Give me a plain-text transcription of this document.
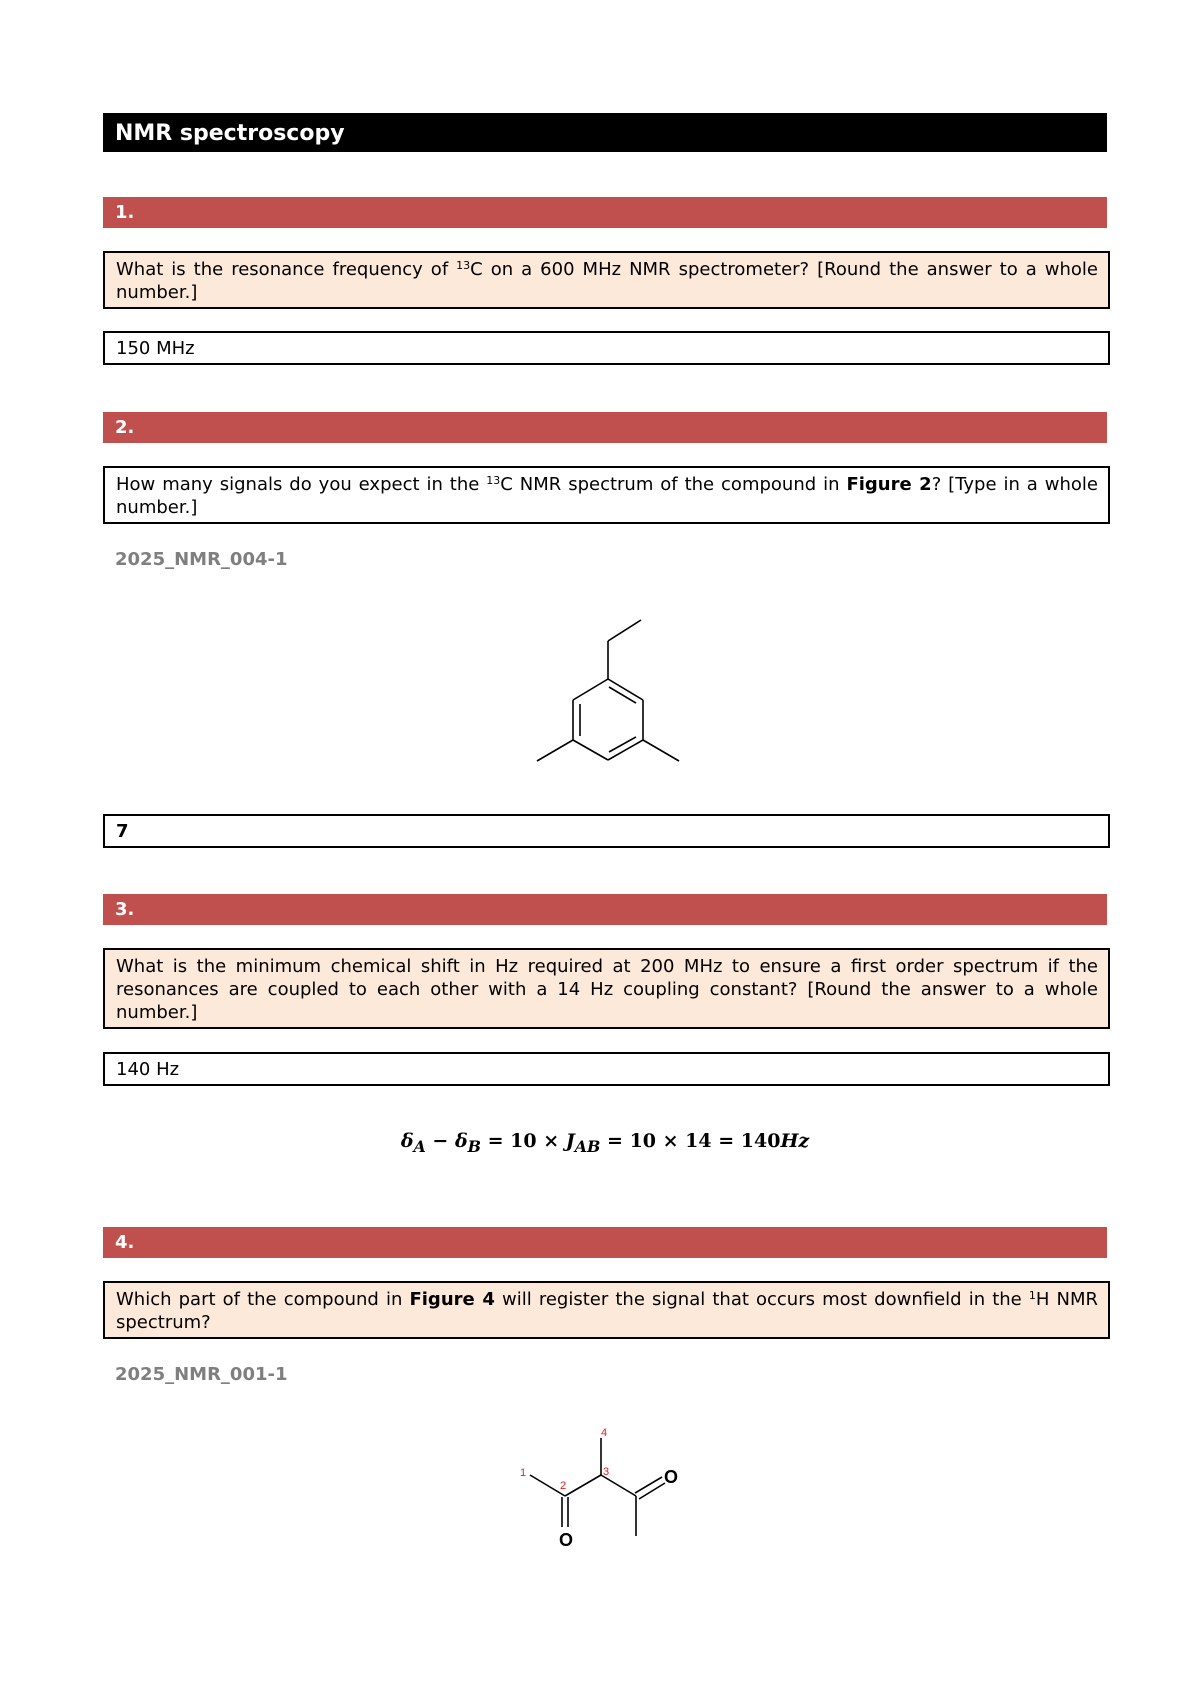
NMR spectroscopy
1.
What is the resonance frequency of $^{13}$C on a 600 MHz NMR spectrometer? [Round the answer to a whole number.]
150 MHz
2.
How many signals do you expect in the $^{13}$C NMR spectrum of the compound in Figure 2? [Type in a whole number.]
2025_NMR_004-1
7
3.
What is the minimum chemical shift in Hz required at 200 MHz to ensure a first order spectrum if the resonances are coupled to each other with a 14 Hz coupling constant? [Round the answer to a whole number.]
140 Hz
$\delta_A - \delta_B = 10 \times J_{AB} = 10 \times 14 = 140Hz$
4.
Which part of the compound in Figure 4 will register the signal that occurs most downfield in the $^1$H NMR spectrum?
2025_NMR_001-1
O
O
1
2
3
4
